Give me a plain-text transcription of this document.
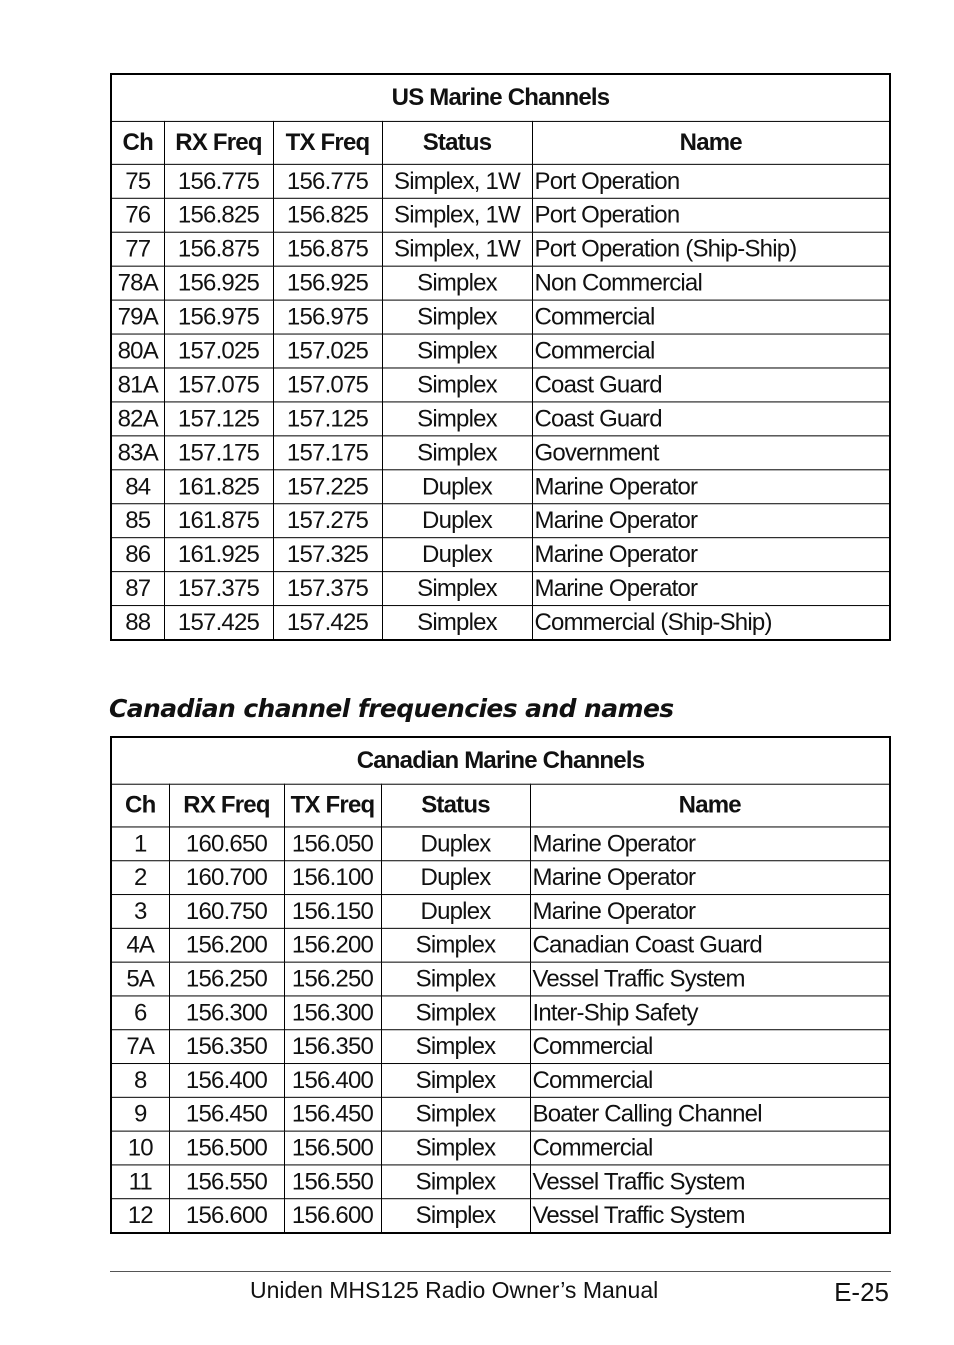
US Marine Channels				
Ch	RX Freq	TX Freq	Status	Name
75	156.775	156.775	Simplex, 1W	Port Operation
76	156.825	156.825	Simplex, 1W	Port Operation
77	156.875	156.875	Simplex, 1W	Port Operation (Ship-Ship)
78A	156.925	156.925	Simplex	Non Commercial
79A	156.975	156.975	Simplex	Commercial
80A	157.025	157.025	Simplex	Commercial
81A	157.075	157.075	Simplex	Coast Guard
82A	157.125	157.125	Simplex	Coast Guard
83A	157.175	157.175	Simplex	Government
84	161.825	157.225	Duplex	Marine Operator
85	161.875	157.275	Duplex	Marine Operator
86	161.925	157.325	Duplex	Marine Operator
87	157.375	157.375	Simplex	Marine Operator
88	157.425	157.425	Simplex	Commercial (Ship-Ship)
Canadian channel frequencies and names
Canadian Marine Channels				
Ch	RX Freq	TX Freq	Status	Name
1	160.650	156.050	Duplex	Marine Operator
2	160.700	156.100	Duplex	Marine Operator
3	160.750	156.150	Duplex	Marine Operator
4A	156.200	156.200	Simplex	Canadian Coast Guard
5A	156.250	156.250	Simplex	Vessel Traffic System
6	156.300	156.300	Simplex	Inter-Ship Safety
7A	156.350	156.350	Simplex	Commercial
8	156.400	156.400	Simplex	Commercial
9	156.450	156.450	Simplex	Boater Calling Channel
10	156.500	156.500	Simplex	Commercial
11	156.550	156.550	Simplex	Vessel Traffic System
12	156.600	156.600	Simplex	Vessel Traffic System
Uniden MHS125 Radio Owner’s Manual	E-25
